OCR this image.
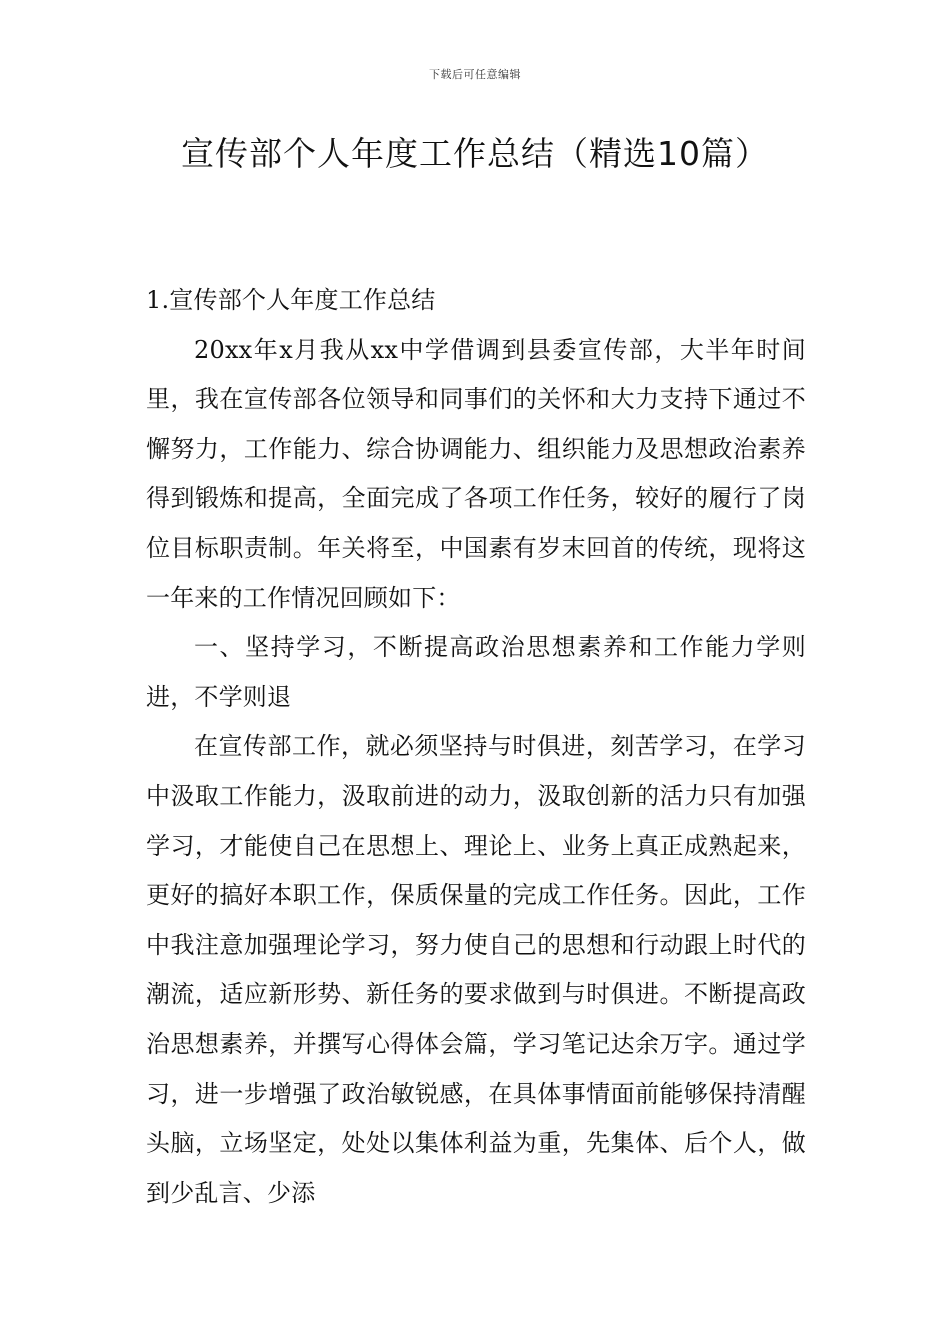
下载后可任意编辑
宣传部个人年度工作总结（精选10篇）

1.宣传部个人年度工作总结

20xx年x月我从xx中学借调到县委宣传部，大半年时间里，我在宣传部各位领导和同事们的关怀和大力支持下通过不懈努力，工作能力、综合协调能力、组织能力及思想政治素养得到锻炼和提高，全面完成了各项工作任务，较好的履行了岗位目标职责制。年关将至，中国素有岁末回首的传统，现将这一年来的工作情况回顾如下：

一、坚持学习，不断提高政治思想素养和工作能力学则进，不学则退

在宣传部工作，就必须坚持与时俱进，刻苦学习，在学习中汲取工作能力，汲取前进的动力，汲取创新的活力只有加强学习，才能使自己在思想上、理论上、业务上真正成熟起来，更好的搞好本职工作，保质保量的完成工作任务。因此，工作中我注意加强理论学习，努力使自己的思想和行动跟上时代的潮流，适应新形势、新任务的要求做到与时俱进。不断提高政治思想素养，并撰写心得体会篇，学习笔记达余万字。通过学习，进一步增强了政治敏锐感，在具体事情面前能够保持清醒头脑，立场坚定，处处以集体利益为重，先集体、后个人，做到少乱言、少添
